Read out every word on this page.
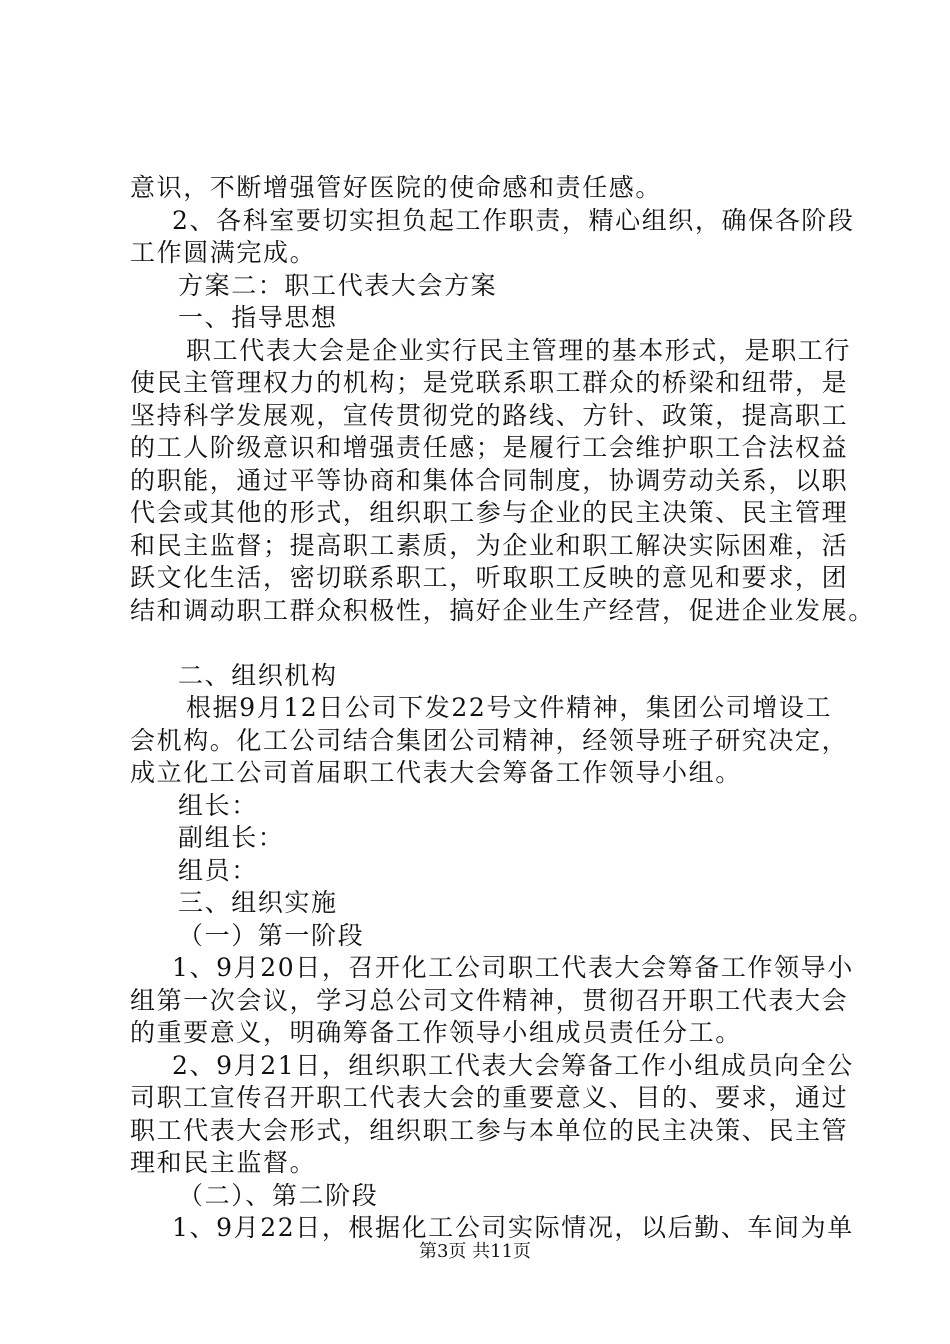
意识，不断增强管好医院的使命感和责任感。
2、各科室要切实担负起工作职责，精心组织，确保各阶段
工作圆满完成。
方案二：职工代表大会方案
一、指导思想
职工代表大会是企业实行民主管理的基本形式，是职工行
使民主管理权力的机构；是党联系职工群众的桥梁和纽带，是
坚持科学发展观，宣传贯彻党的路线、方针、政策，提高职工
的工人阶级意识和增强责任感；是履行工会维护职工合法权益
的职能，通过平等协商和集体合同制度，协调劳动关系，以职
代会或其他的形式，组织职工参与企业的民主决策、民主管理
和民主监督；提高职工素质，为企业和职工解决实际困难，活
跃文化生活，密切联系职工，听取职工反映的意见和要求，团
结和调动职工群众积极性，搞好企业生产经营，促进企业发展。
二、组织机构
根据9月12日公司下发22号文件精神，集团公司增设工
会机构。化工公司结合集团公司精神，经领导班子研究决定，
成立化工公司首届职工代表大会筹备工作领导小组。
组长：
副组长：
组员：
三、组织实施
（一）第一阶段
1、9月20日，召开化工公司职工代表大会筹备工作领导小
组第一次会议，学习总公司文件精神，贯彻召开职工代表大会
的重要意义，明确筹备工作领导小组成员责任分工。
2、9月21日，组织职工代表大会筹备工作小组成员向全公
司职工宣传召开职工代表大会的重要意义、目的、要求，通过
职工代表大会形式，组织职工参与本单位的民主决策、民主管
理和民主监督。
（二）、第二阶段
1、9月22日，根据化工公司实际情况，以后勤、车间为单
第3页 共11页
